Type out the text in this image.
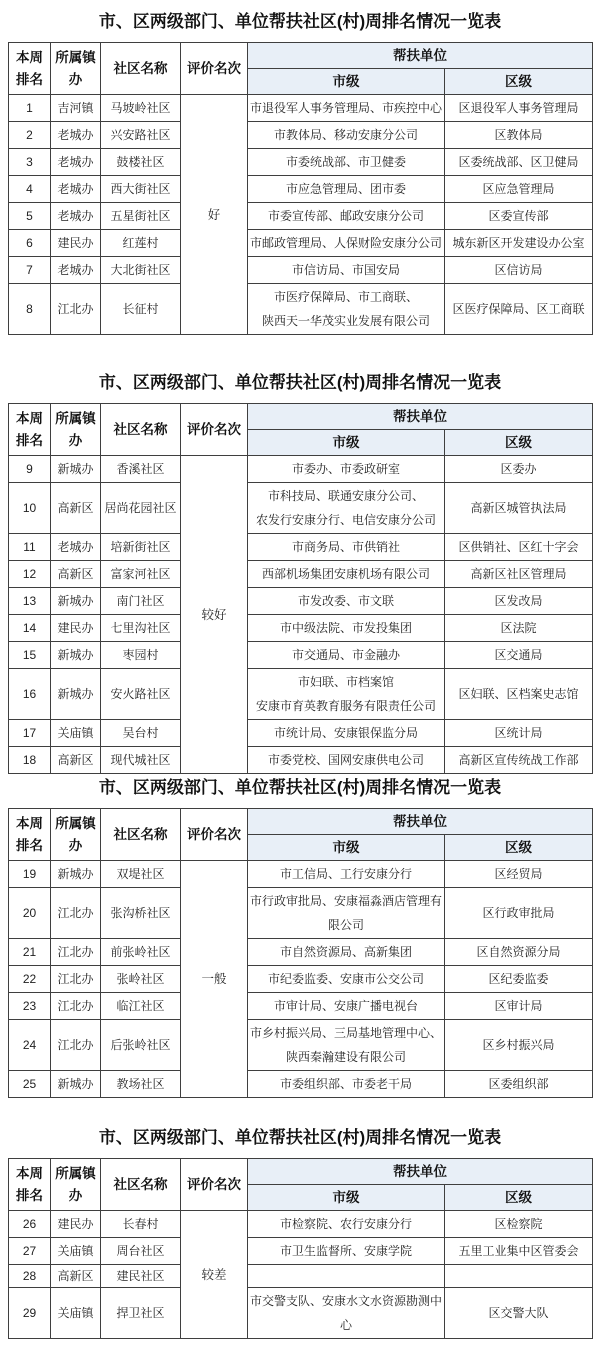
市、区两级部门、单位帮扶社区(村)周排名情况一览表
本周排名	所属镇办	社区名称	评价名次	帮扶单位	
				市级	区级
1	吉河镇	马坡岭社区	好	市退役军人事务管理局、市疾控中心	区退役军人事务管理局
2	老城办	兴安路社区		市教体局、移动安康分公司	区教体局
3	老城办	鼓楼社区		市委统战部、市卫健委	区委统战部、区卫健局
4	老城办	西大街社区		市应急管理局、团市委	区应急管理局
5	老城办	五星街社区		市委宣传部、邮政安康分公司	区委宣传部
6	建民办	红莲村		市邮政管理局、人保财险安康分公司	城东新区开发建设办公室
7	老城办	大北街社区		市信访局、市国安局	区信访局
8	江北办	长征村		市医疗保障局、市工商联、
陕西天一华茂实业发展有限公司	区医疗保障局、区工商联
市、区两级部门、单位帮扶社区(村)周排名情况一览表
本周排名	所属镇办	社区名称	评价名次	帮扶单位	
				市级	区级
9	新城办	香溪社区	较好	市委办、市委政研室	区委办
10	高新区	居尚花园社区		市科技局、联通安康分公司、
农发行安康分行、电信安康分公司	高新区城管执法局
11	老城办	培新街社区		市商务局、市供销社	区供销社、区红十字会
12	高新区	富家河社区		西部机场集团安康机场有限公司	高新区社区管理局
13	新城办	南门社区		市发改委、市文联	区发改局
14	建民办	七里沟社区		市中级法院、市发投集团	区法院
15	新城办	枣园村		市交通局、市金融办	区交通局
16	新城办	安火路社区		市妇联、市档案馆
安康市育英教育服务有限责任公司	区妇联、区档案史志馆
17	关庙镇	吴台村		市统计局、安康银保监分局	区统计局
18	高新区	现代城社区		市委党校、国网安康供电公司	高新区宣传统战工作部
市、区两级部门、单位帮扶社区(村)周排名情况一览表
本周排名	所属镇办	社区名称	评价名次	帮扶单位	
				市级	区级
19	新城办	双堤社区	一般	市工信局、工行安康分行	区经贸局
20	江北办	张沟桥社区		市行政审批局、安康福淼酒店管理有限公司	区行政审批局
21	江北办	前张岭社区		市自然资源局、高新集团	区自然资源分局
22	江北办	张岭社区		市纪委监委、安康市公交公司	区纪委监委
23	江北办	临江社区		市审计局、安康广播电视台	区审计局
24	江北办	后张岭社区		市乡村振兴局、三局基地管理中心、
陕西秦瀚建设有限公司	区乡村振兴局
25	新城办	教场社区		市委组织部、市委老干局	区委组织部
市、区两级部门、单位帮扶社区(村)周排名情况一览表
本周排名	所属镇办	社区名称	评价名次	帮扶单位	
				市级	区级
26	建民办	长春村	较差	市检察院、农行安康分行	区检察院
27	关庙镇	周台社区		市卫生监督所、安康学院	五里工业集中区管委会
28	高新区	建民社区			
29	关庙镇	捍卫社区		市交警支队、安康水文水资源勘测中心	区交警大队
